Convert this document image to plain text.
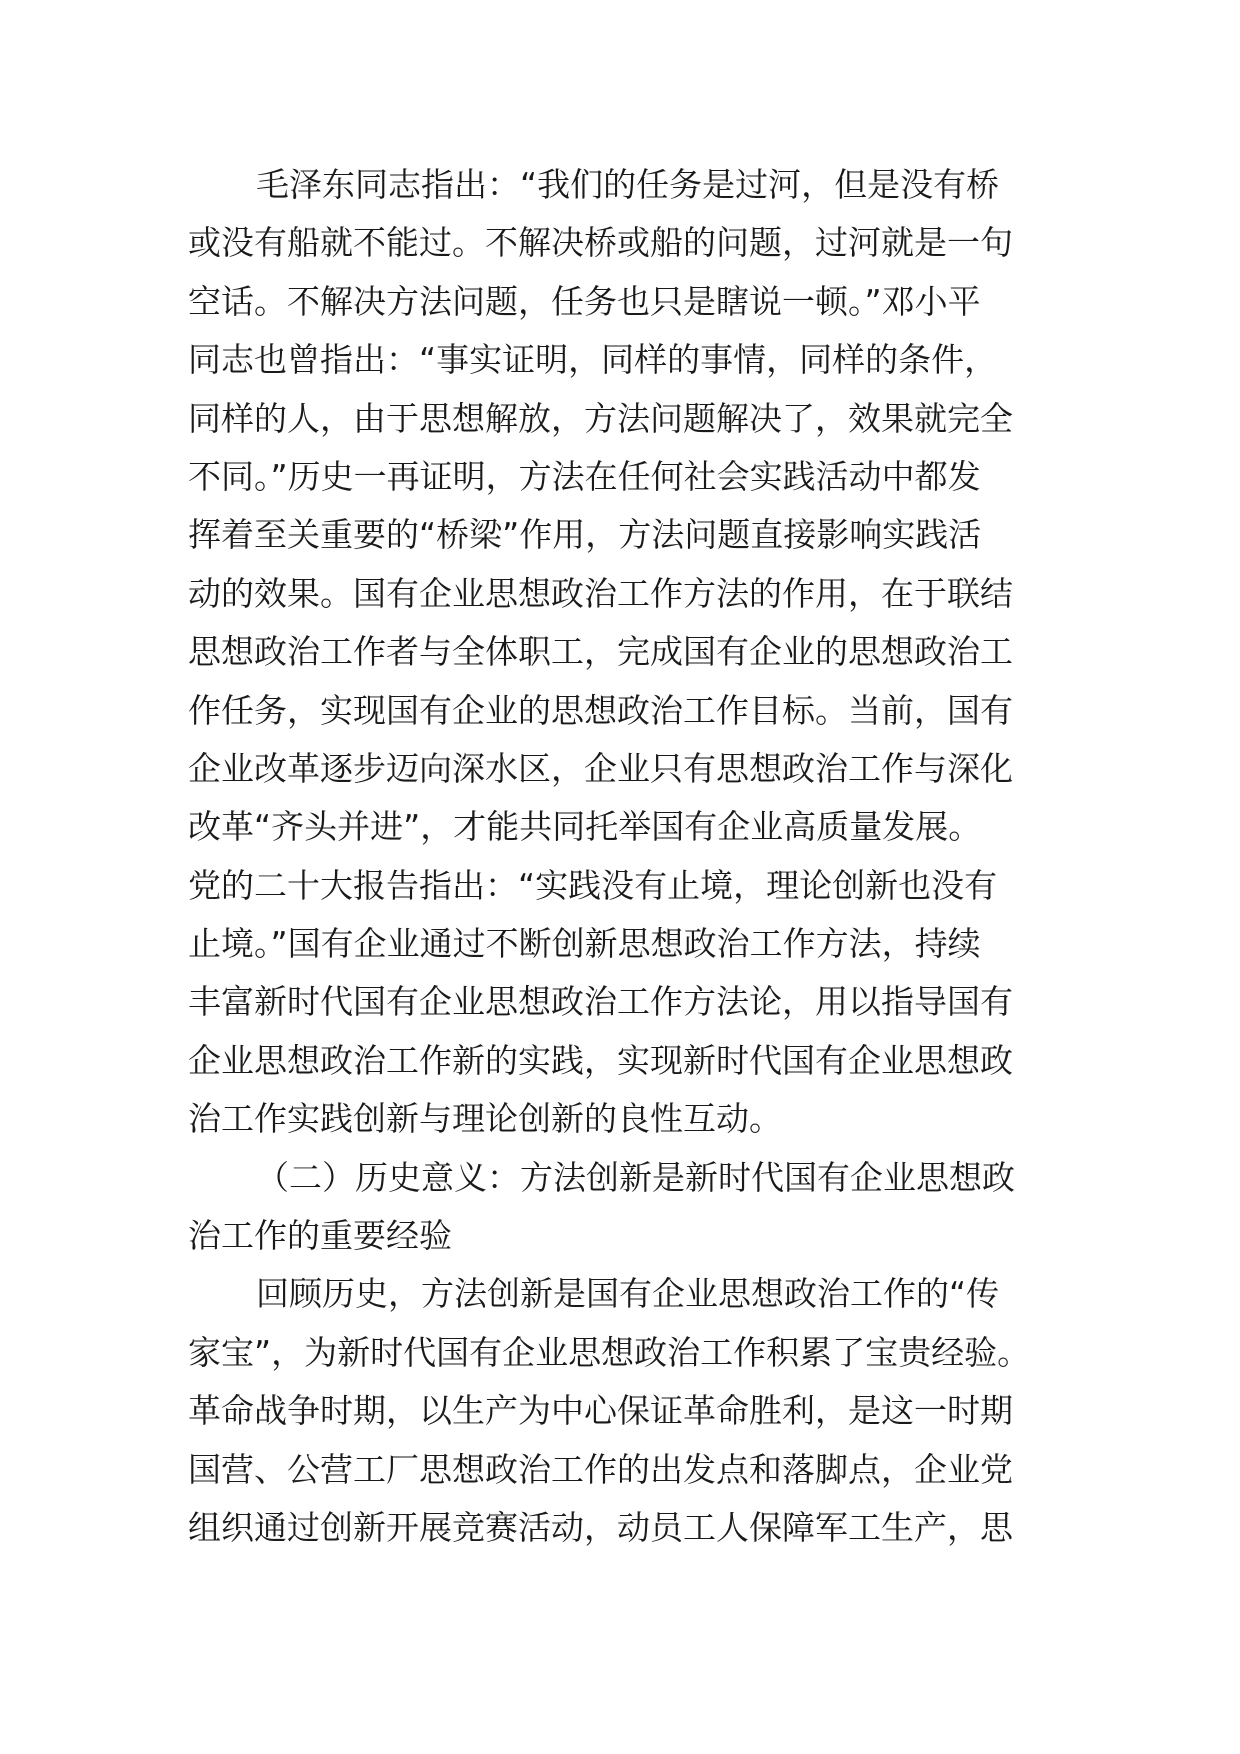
毛泽东同志指出：“我们的任务是过河，但是没有桥
或没有船就不能过。不解决桥或船的问题，过河就是一句
空话。不解决方法问题，任务也只是瞎说一顿。”邓小平
同志也曾指出：“事实证明，同样的事情，同样的条件，
同样的人，由于思想解放，方法问题解决了，效果就完全
不同。”历史一再证明，方法在任何社会实践活动中都发
挥着至关重要的“桥梁”作用，方法问题直接影响实践活
动的效果。国有企业思想政治工作方法的作用，在于联结
思想政治工作者与全体职工，完成国有企业的思想政治工
作任务，实现国有企业的思想政治工作目标。当前，国有
企业改革逐步迈向深水区，企业只有思想政治工作与深化
改革“齐头并进”，才能共同托举国有企业高质量发展。
党的二十大报告指出：“实践没有止境，理论创新也没有
止境。”国有企业通过不断创新思想政治工作方法，持续
丰富新时代国有企业思想政治工作方法论，用以指导国有
企业思想政治工作新的实践，实现新时代国有企业思想政
治工作实践创新与理论创新的良性互动。
（二）历史意义：方法创新是新时代国有企业思想政
治工作的重要经验
回顾历史，方法创新是国有企业思想政治工作的“传
家宝”，为新时代国有企业思想政治工作积累了宝贵经验。
革命战争时期，以生产为中心保证革命胜利，是这一时期
国营、公营工厂思想政治工作的出发点和落脚点，企业党
组织通过创新开展竞赛活动，动员工人保障军工生产，思
